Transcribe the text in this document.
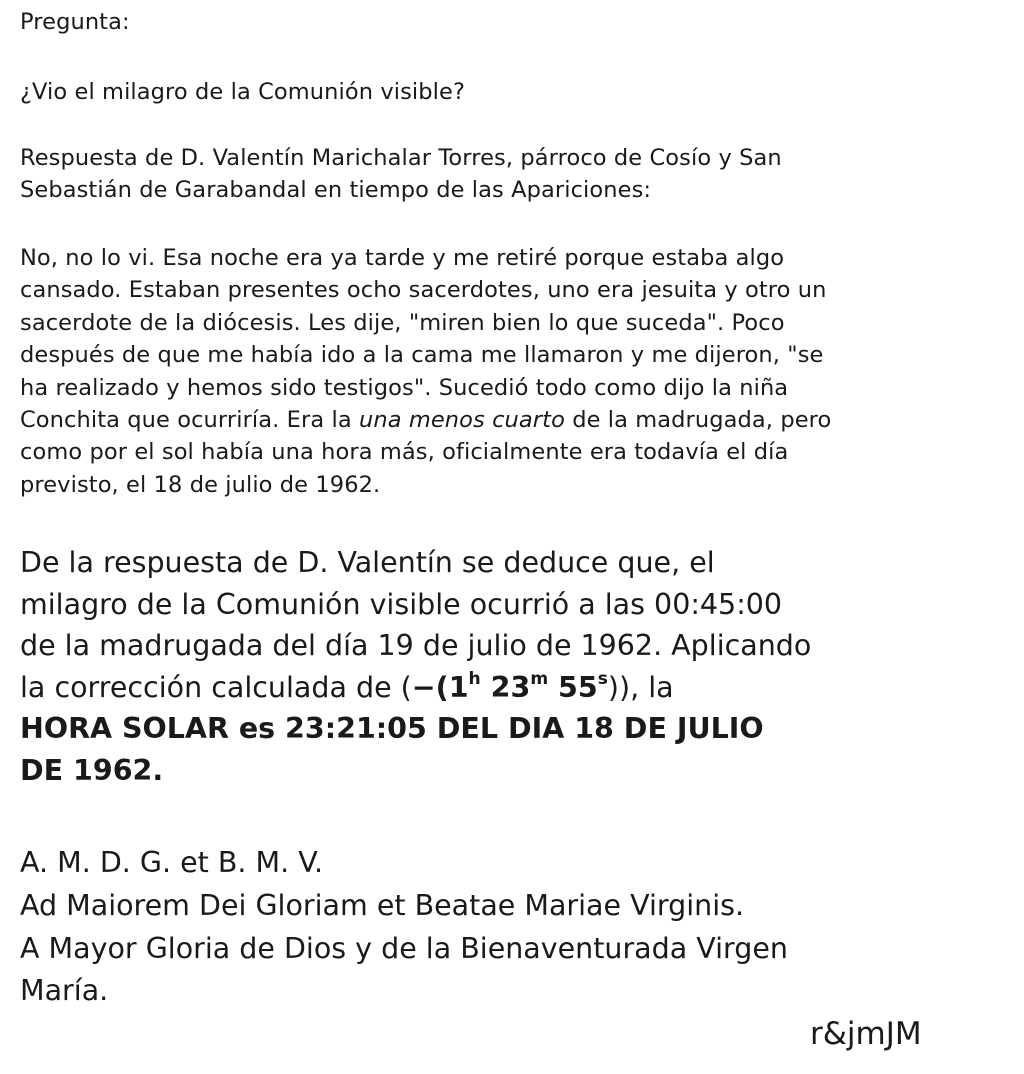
Pregunta:

¿Vio el milagro de la Comunión visible?

Respuesta de D. Valentín Marichalar Torres, párroco de Cosío y San
Sebastián de Garabandal en tiempo de las Apariciones:

No, no lo vi. Esa noche era ya tarde y me retiré porque estaba algo
cansado. Estaban presentes ocho sacerdotes, uno era jesuita y otro un
sacerdote de la diócesis. Les dije, "miren bien lo que suceda". Poco
después de que me había ido a la cama me llamaron y me dijeron, "se
ha realizado y hemos sido testigos". Sucedió todo como dijo la niña
Conchita que ocurriría. Era la una menos cuarto de la madrugada, pero
como por el sol había una hora más, oficialmente era todavía el día
previsto, el 18 de julio de 1962.

De la respuesta de D. Valentín se deduce que, el
milagro de la Comunión visible ocurrió a las 00:45:00
de la madrugada del día 19 de julio de 1962. Aplicando
la corrección calculada de ($-(1^h$ 23$^m$ 55$^s$)), la
HORA SOLAR es 23:21:05 DEL DIA 18 DE JULIO
DE 1962.

A. M. D. G. et B. M. V.

Ad Maiorem Dei Gloriam et Beatae Mariae Virginis.

A Mayor Gloria de Dios y de la Bienaventurada Virgen
María.

r&jmJM
